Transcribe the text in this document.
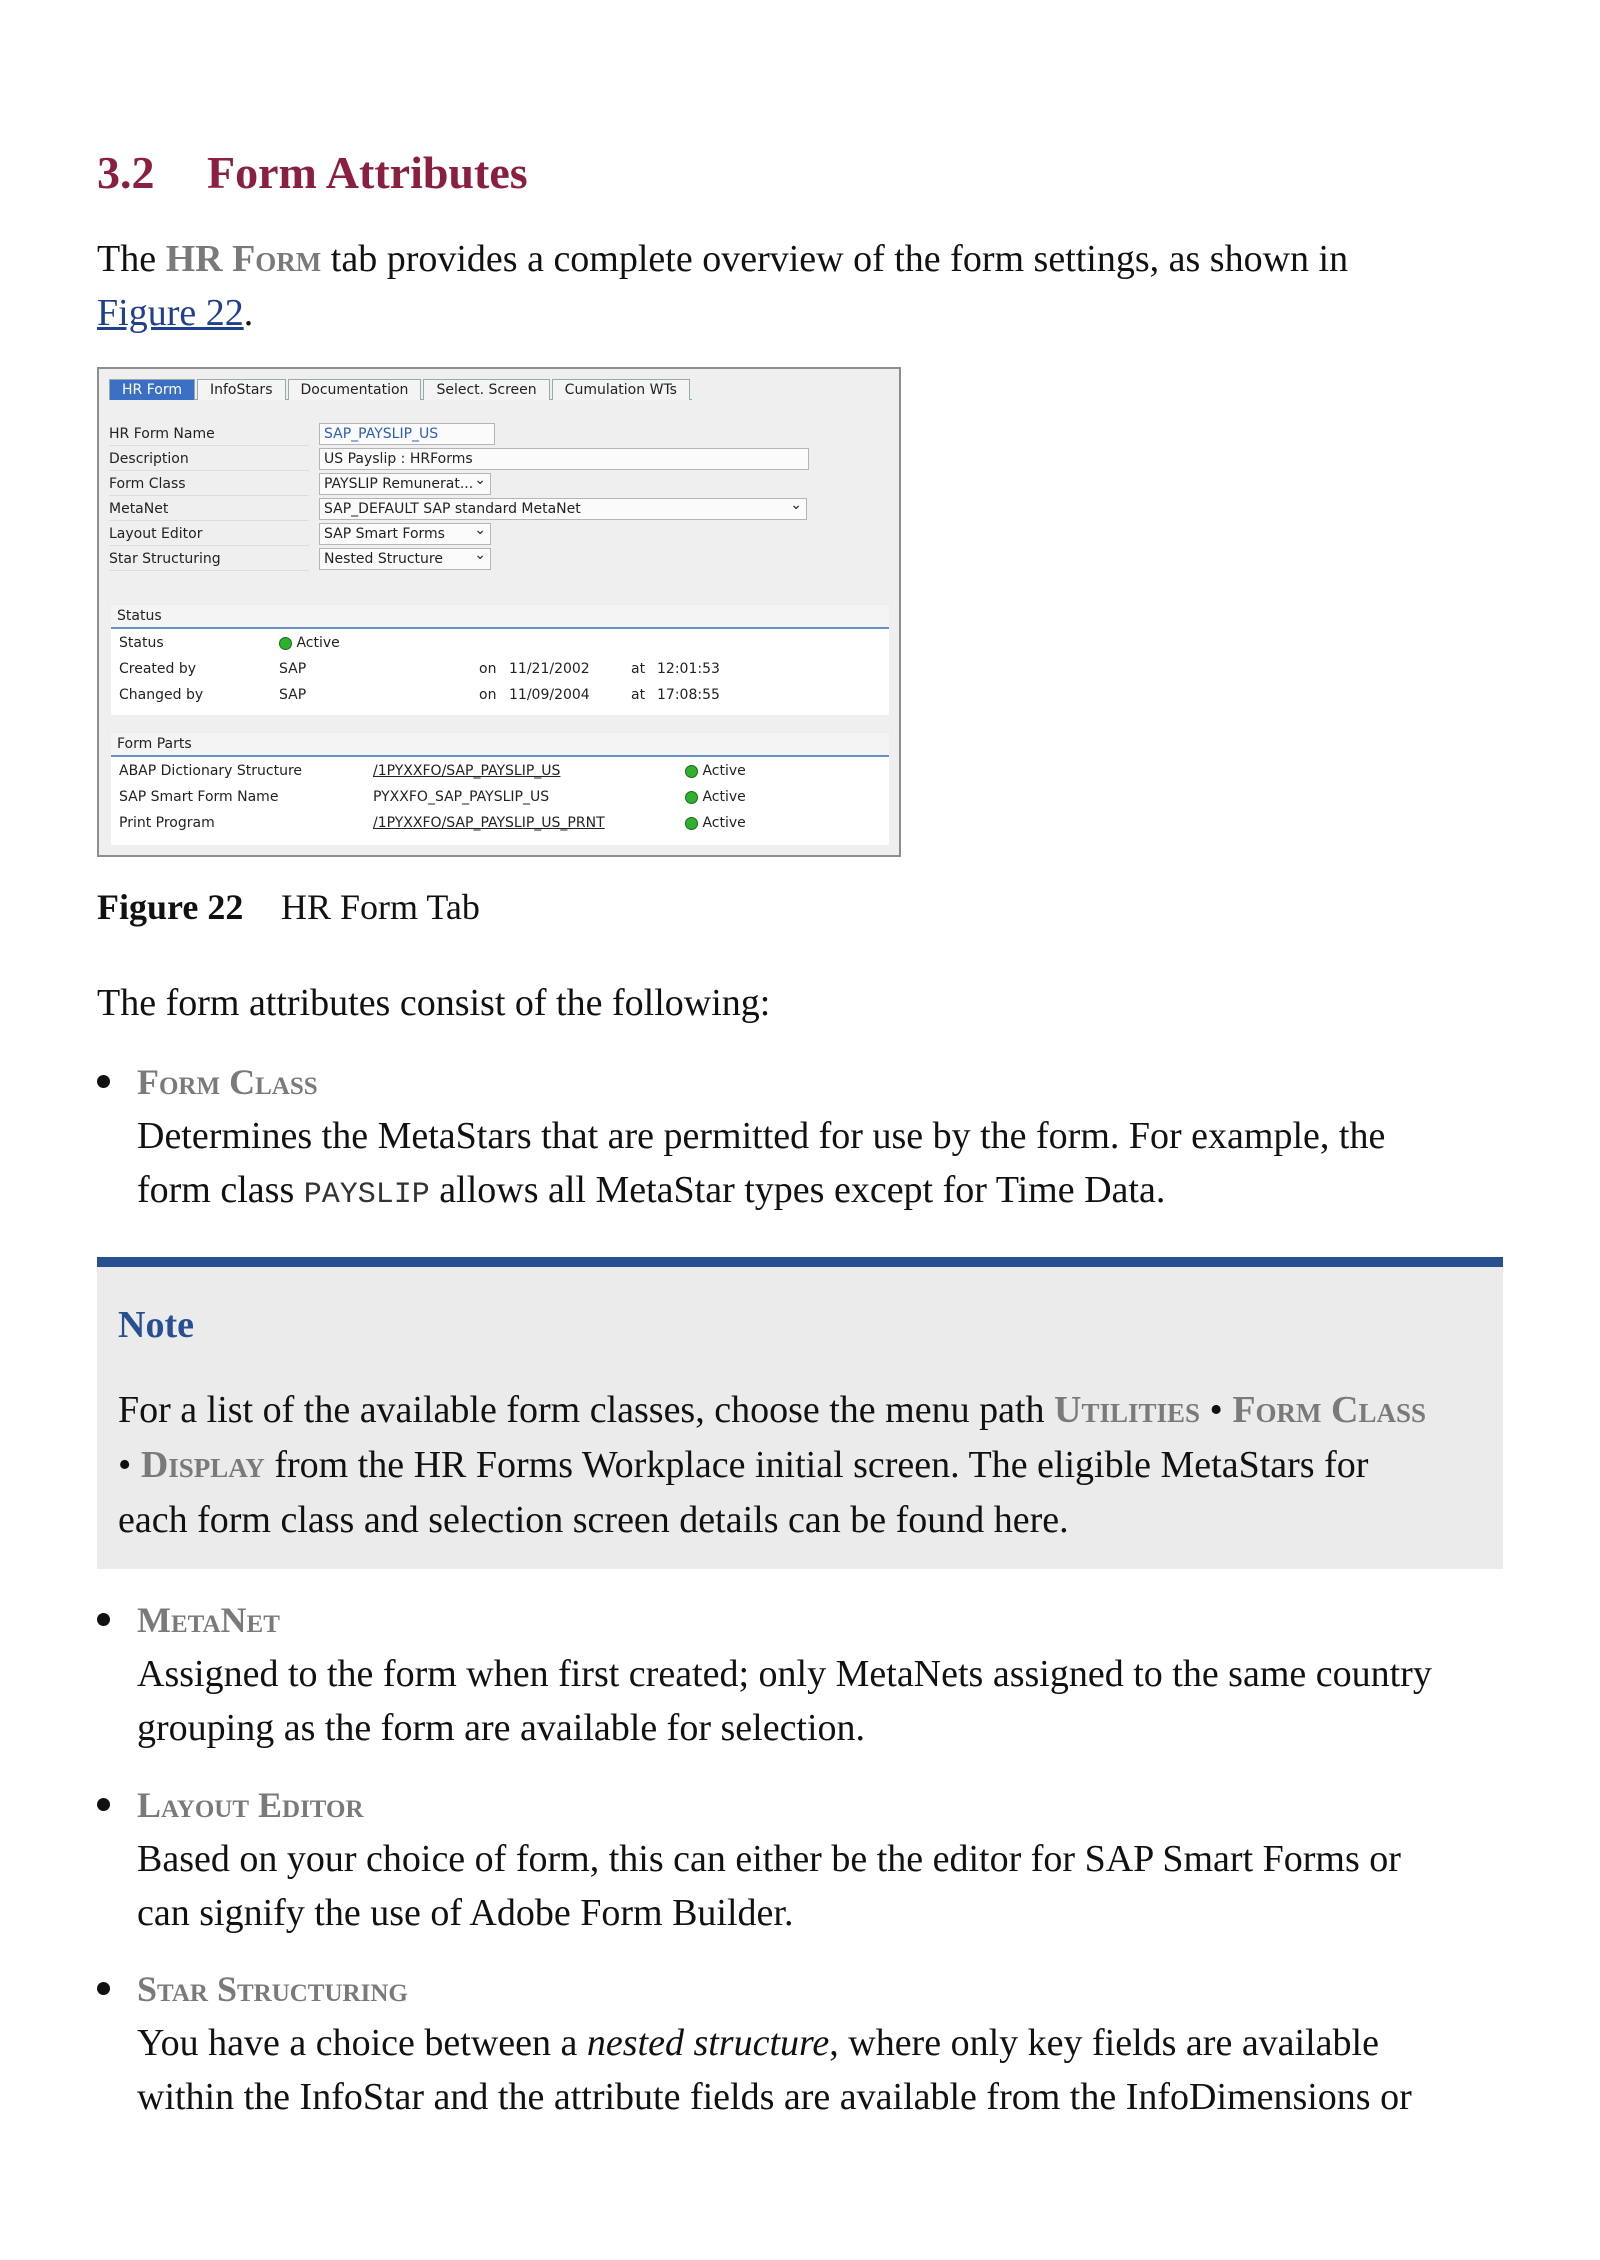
3.2 Form Attributes

The HR Form tab provides a complete overview of the form settings, as shown in
Figure 22.

HR Form	InfoStars	Documentation	Select. Screen	Cumulation WTs
HR Form Name	SAP_PAYSLIP_US
Description	US Payslip : HRForms
Form Class	PAYSLIP Remunerat... ⌄
MetaNet	SAP_DEFAULT SAP standard MetaNet ⌄
Layout Editor	SAP Smart Forms ⌄
Star Structuring	Nested Structure ⌄
Status
Status	Active
Created by	SAP	on 11/21/2002	at 12:01:53
Changed by	SAP	on 11/09/2004	at 17:08:55
Form Parts
ABAP Dictionary Structure	/1PYXXFO/SAP_PAYSLIP_US	Active
SAP Smart Form Name	PYXXFO_SAP_PAYSLIP_US	Active
Print Program	/1PYXXFO/SAP_PAYSLIP_US_PRNT	Active
Figure 22 HR Form Tab

The form attributes consist of the following:

Form Class
Determines the MetaStars that are permitted for use by the form. For example, the
form class PAYSLIP allows all MetaStar types except for Time Data.
Note
For a list of the available form classes, choose the menu path Utilities • Form Class
• Display from the HR Forms Workplace initial screen. The eligible MetaStars for
each form class and selection screen details can be found here.
MetaNet
Assigned to the form when first created; only MetaNets assigned to the same country
grouping as the form are available for selection.
Layout Editor
Based on your choice of form, this can either be the editor for SAP Smart Forms or
can signify the use of Adobe Form Builder.
Star Structuring
You have a choice between a nested structure, where only key fields are available
within the InfoStar and the attribute fields are available from the InfoDimensions or
